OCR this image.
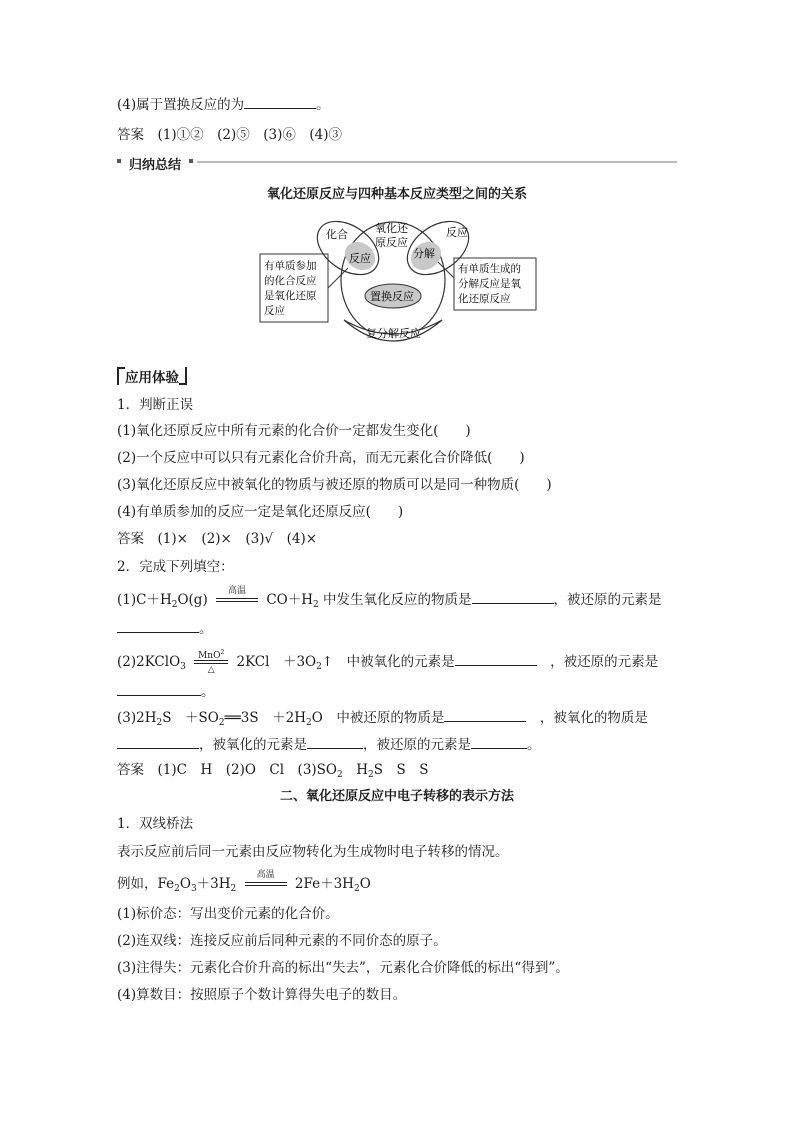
(4)属于置换反应的为	。
答案　 (1)①②　(2)⑤　(3)⑥　(4)③
归纳总结
氧化还原反应与四种基本反应类型之间的关系
化合 氧化还
原反应
反应
反应	分解
置换反应
复分解反应
有单质参加
的化合反应
是氧化还原
反应
有单质生成的
分解反应是氧
化还原反应
应用体验
1．判断正误
(1)氧化还原反应中所有元素的化合价一定都发生变化(　　)
(2)一个反应中可以只有元素化合价升高，而无元素化合价降低(　　)
(3)氧化还原反应中被氧化的物质与被还原的物质可以是同一种物质(　　)
(4)有单质参加的反应一定是氧化还原反应(　　)
答案　 (1)×　(2)×　(3)√　(4)×
2．完成下列填空：
$(1)C+H_2O(g)$
高温
$CO+H_2$ 中发生氧化反应的物质是	，被还原的元素是
。
(2)2KClO$_3$
MnO$^2$
△	2KCl　$+3O_2↑$　中被氧化的元素是　	，被还原的元素是
。
$(3)2H_2S$　$+SO_2══3S$　$+2H_2O$　中被还原的物质是　	，被氧化的物质是
，被氧化的元素是	，被还原的元素是	。
答案　 (1)C　H　(2)O　Cl　$(3)SO_2$　$H_2S$　S　S
二、氧化还原反应中电子转移的表示方法
1．双线桥法
表示反应前后同一元素由反应物转化为生成物时电子转移的情况。
例如，$Fe_2O_3+3H_2$
高温
$2Fe+3H_2O$
(1)标价态：写出变价元素的化合价。
(2)连双线：连接反应前后同种元素的不同价态的原子。
(3)注得失：元素化合价升高的标出“失去”，元素化合价降低的标出“得到”。
(4)算数目：按照原子个数计算得失电子的数目。
